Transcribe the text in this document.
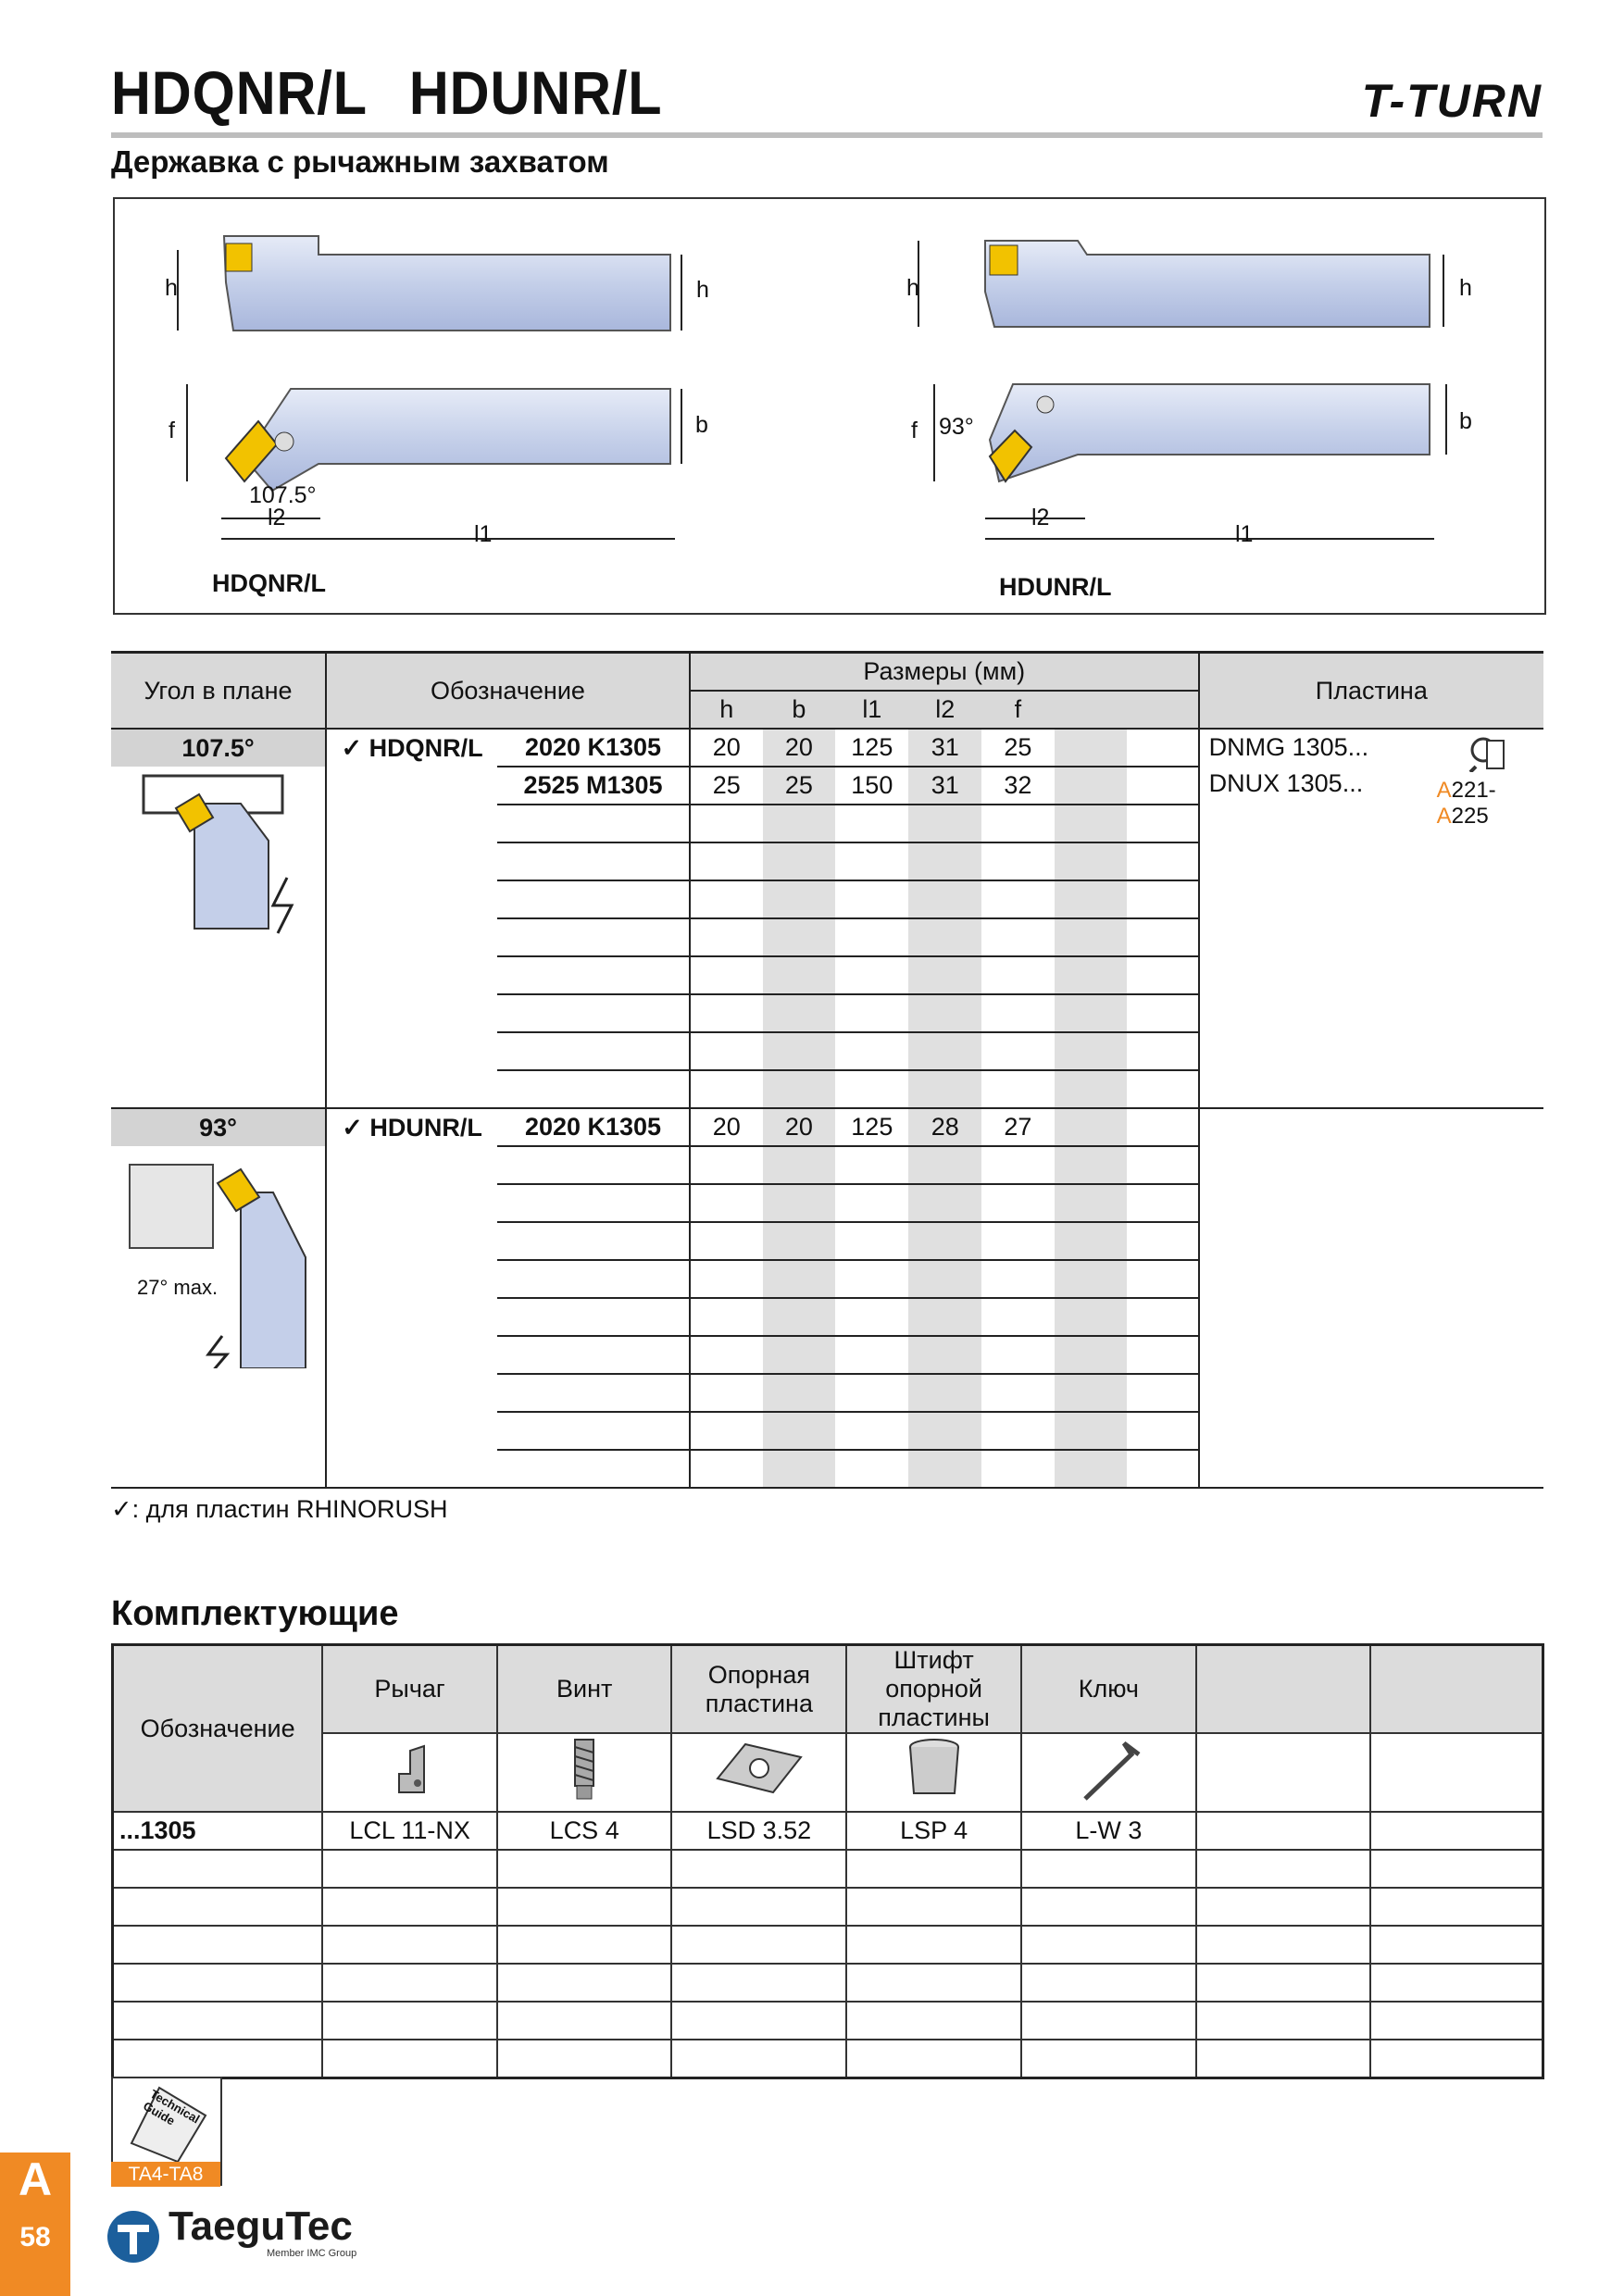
HDQNR/L HDUNR/L	T-TURN
Державка с рычажным захватом
h	h
f	b
107.5°
l2
l1
HDQNR/L
h	h
f 93°	b
l2
l1
HDUNR/L
Угол в плане	Обозначение		Размеры (мм)							Пластина
			h	b	l1	l2	f			
107.5°	✓ HDQNR/L	2020 K1305	20	20	125	31	25			DNMG 1305...
DNUX 1305... A221-A225

		2525 M1305	25	25	150	31	32			

93°	✓ HDUNR/L	2020 K1305	20	20	125	28	27			

27° max.										

✓: для пластин RHINORUSH
Комплектующие
Обозначение	Рычаг	Винт	Опорная пластина	Штифт опорной пластины	Ключ		

...1305	LCL 11-NX	LCS 4	LSD 3.52	LSP 4	L-W 3		

Technical Guide
TA4-TA8
A
58	TaeguTec
Member IMC Group
